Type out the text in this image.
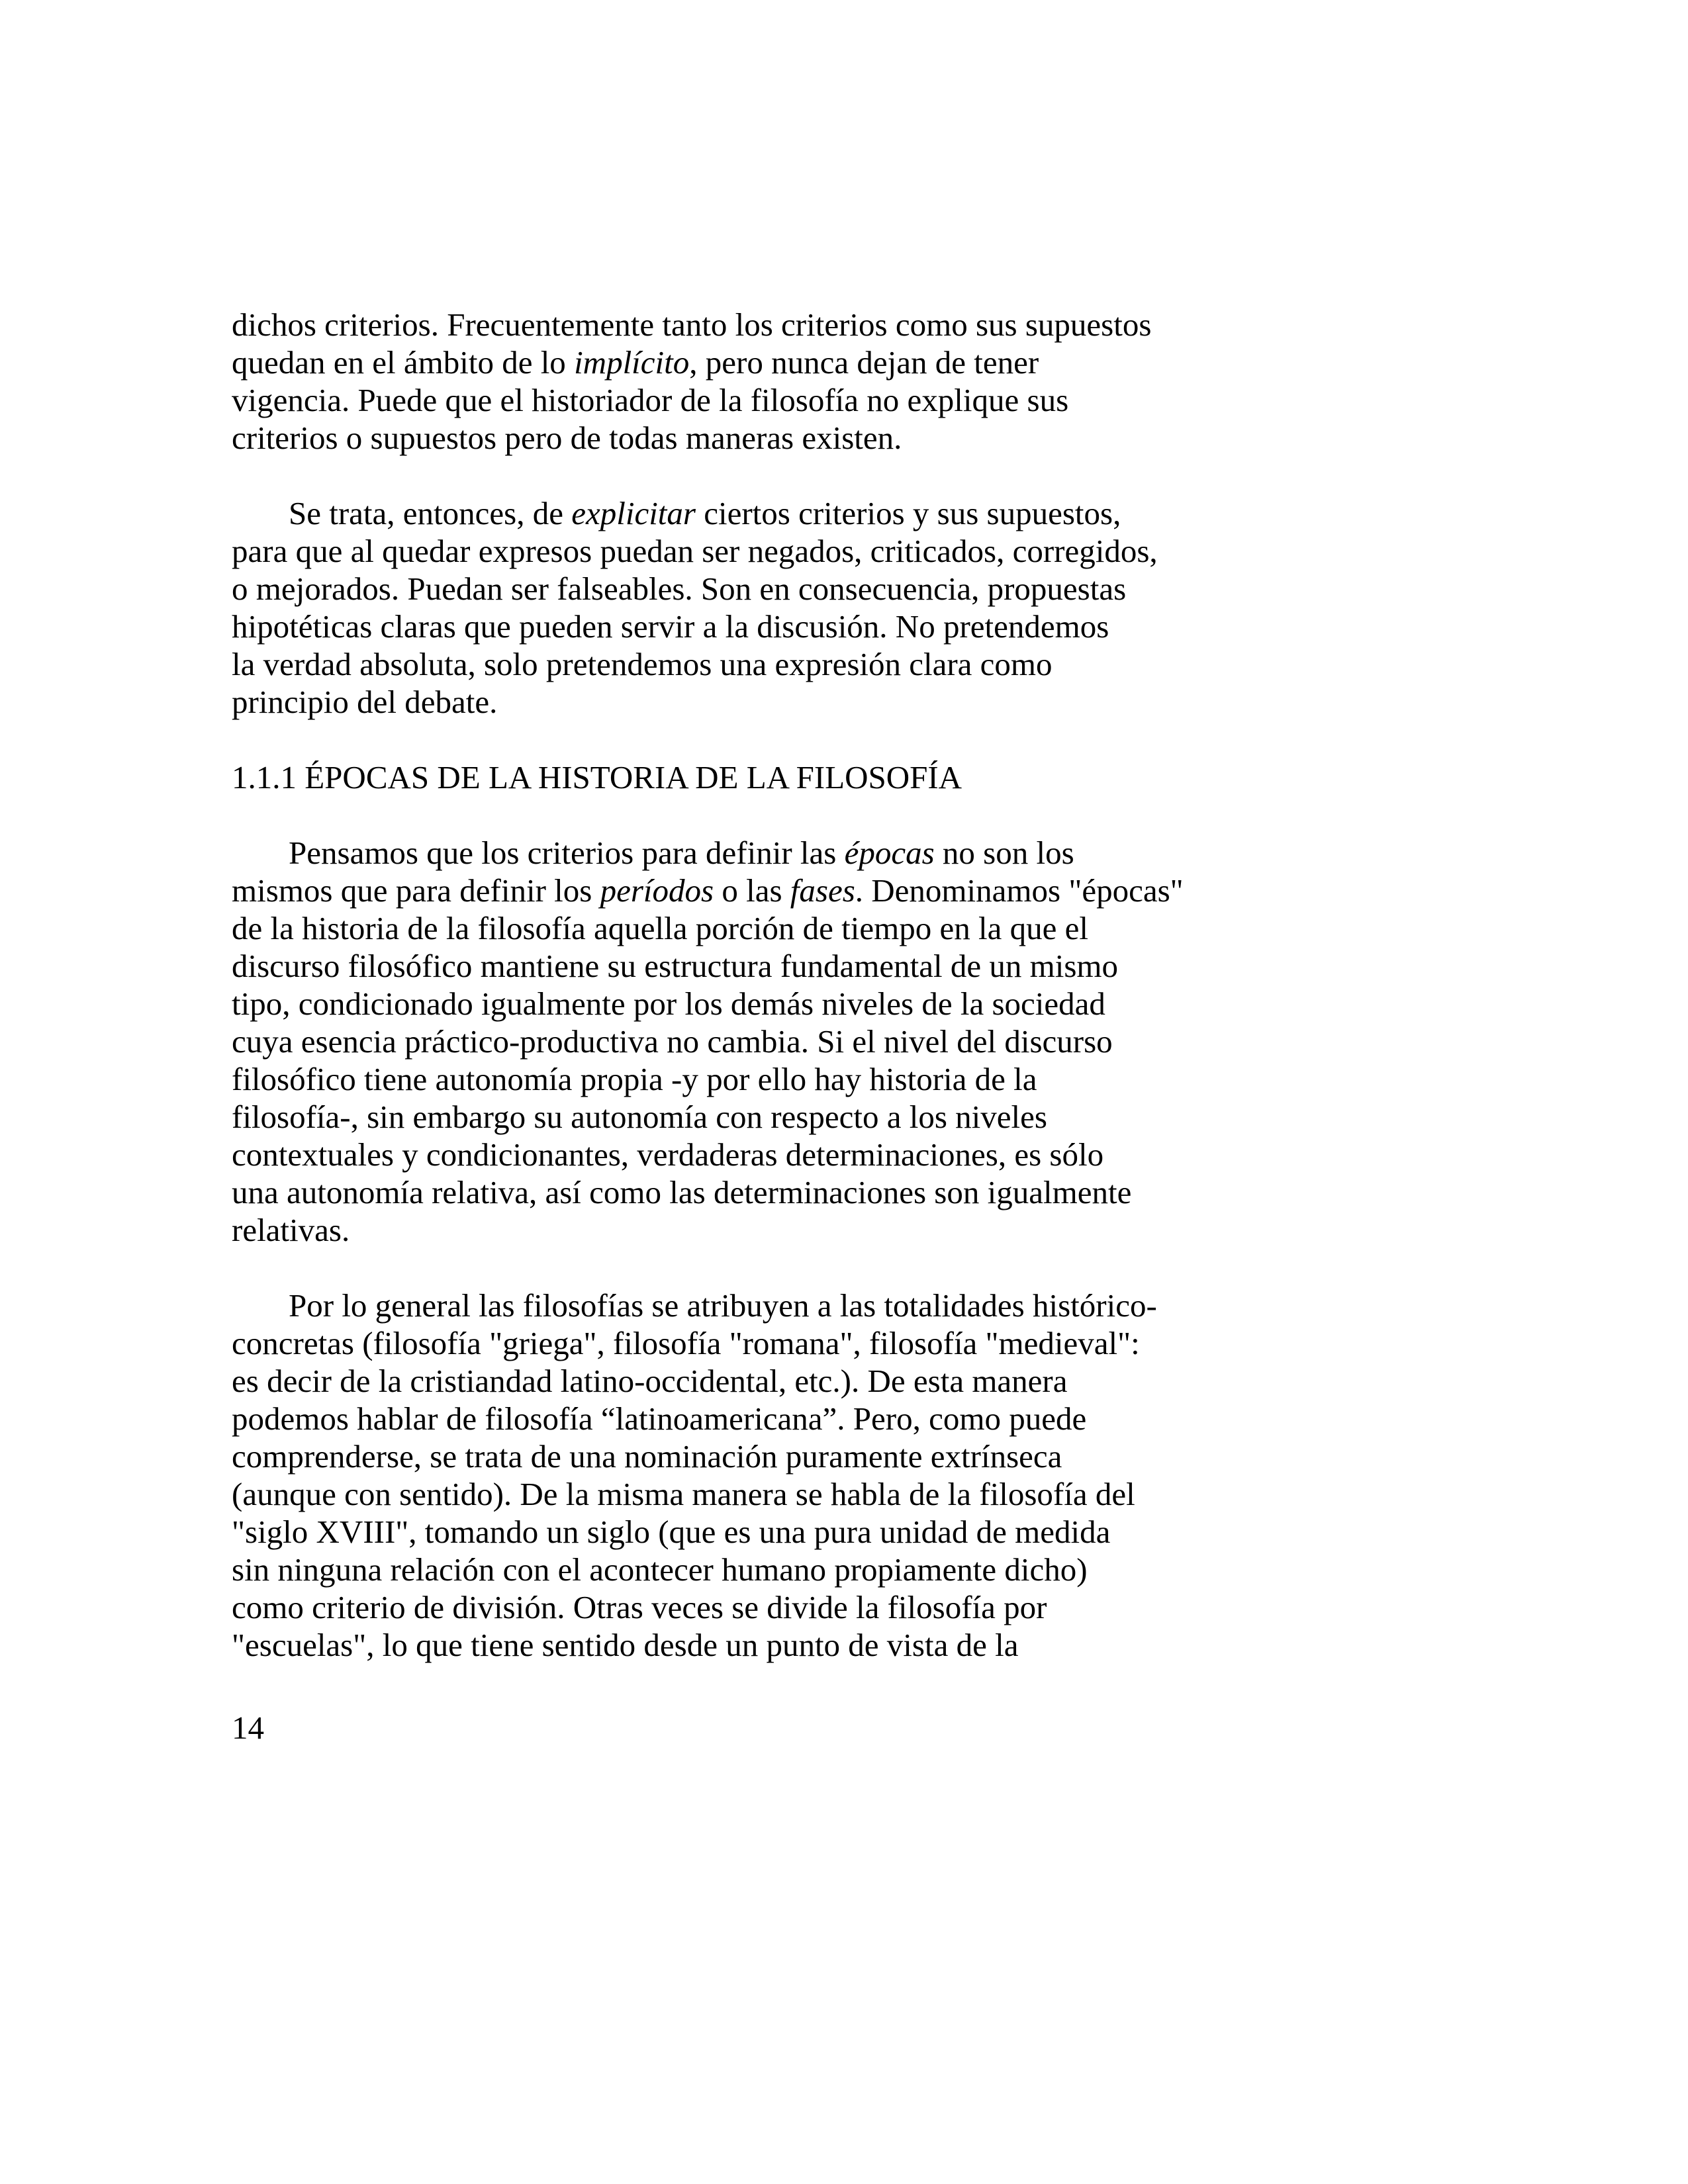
dichos criterios. Frecuentemente tanto los criterios como sus supuestos
quedan en el ámbito de lo implícito, pero nunca dejan de tener
vigencia. Puede que el historiador de la filosofía no explique sus
criterios o supuestos pero de todas maneras existen.
Se trata, entonces, de explicitar ciertos criterios y sus supuestos,
para que al quedar expresos puedan ser negados, criticados, corregidos,
o mejorados. Puedan ser falseables. Son en consecuencia, propuestas
hipotéticas claras que pueden servir a la discusión. No pretendemos
la verdad absoluta, solo pretendemos una expresión clara como
principio del debate.
1.1.1 ÉPOCAS DE LA HISTORIA DE LA FILOSOFÍA
Pensamos que los criterios para definir las épocas no son los
mismos que para definir los períodos o las fases. Denominamos "épocas"
de la historia de la filosofía aquella porción de tiempo en la que el
discurso filosófico mantiene su estructura fundamental de un mismo
tipo, condicionado igualmente por los demás niveles de la sociedad
cuya esencia práctico-productiva no cambia. Si el nivel del discurso
filosófico tiene autonomía propia -y por ello hay historia de la
filosofía-, sin embargo su autonomía con respecto a los niveles
contextuales y condicionantes, verdaderas determinaciones, es sólo
una autonomía relativa, así como las determinaciones son igualmente
relativas.
Por lo general las filosofías se atribuyen a las totalidades histórico-
concretas (filosofía "griega", filosofía "romana", filosofía "medieval":
es decir de la cristiandad latino-occidental, etc.). De esta manera
podemos hablar de filosofía “latinoamericana”. Pero, como puede
comprenderse, se trata de una nominación puramente extrínseca
(aunque con sentido). De la misma manera se habla de la filosofía del
"siglo XVIII", tomando un siglo (que es una pura unidad de medida
sin ninguna relación con el acontecer humano propiamente dicho)
como criterio de división. Otras veces se divide la filosofía por
"escuelas", lo que tiene sentido desde un punto de vista de la
14
